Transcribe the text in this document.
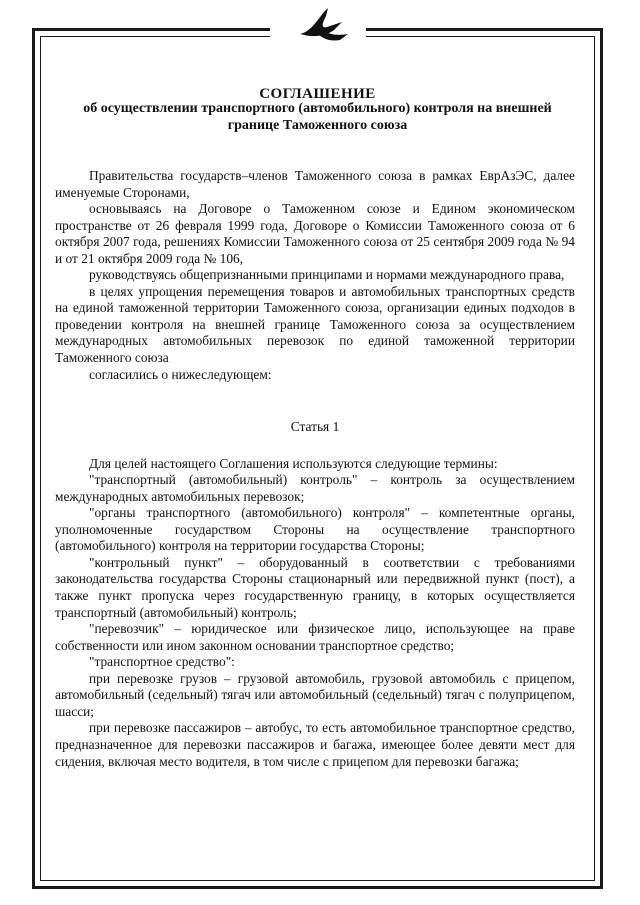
СОГЛАШЕНИЕ
об осуществлении транспортного (автомобильного) контроля на внешней
границе Таможенного союза

Правительства государств–членов Таможенного союза в рамках ЕврАзЭС, далее именуемые Сторонами,

основываясь на Договоре о Таможенном союзе и Едином экономическом пространстве от 26 февраля 1999 года, Договоре о Комиссии Таможенного союза от 6 октября 2007 года, решениях Комиссии Таможенного союза от 25 сентября 2009 года № 94 и от 21 октября 2009 года № 106,

руководствуясь общепризнанными принципами и нормами международного права,

в целях упрощения перемещения товаров и автомобильных транспортных средств на единой таможенной территории Таможенного союза, организации единых подходов в проведении контроля на внешней границе Таможенного союза за осуществлением международных автомобильных перевозок по единой таможенной территории Таможенного союза

согласились о нижеследующем:

Статья 1

Для целей настоящего Соглашения используются следующие термины:

"транспортный (автомобильный) контроль" – контроль за осуществлением международных автомобильных перевозок;

"органы транспортного (автомобильного) контроля" – компетентные органы, уполномоченные государством Стороны на осуществление транспортного (автомобильного) контроля на территории государства Стороны;

"контрольный пункт" – оборудованный в соответствии с требованиями законодательства государства Стороны стационарный или передвижной пункт (пост), а также пункт пропуска через государственную границу, в которых осуществляется транспортный (автомобильный) контроль;

"перевозчик" – юридическое или физическое лицо, использующее на праве собственности или ином законном основании транспортное средство;

"транспортное средство":

при перевозке грузов – грузовой автомобиль, грузовой автомобиль с прицепом, автомобильный (седельный) тягач или автомобильный (седельный) тягач с полуприцепом, шасси;

при перевозке пассажиров – автобус, то есть автомобильное транспортное средство, предназначенное для перевозки пассажиров и багажа, имеющее более девяти мест для сидения, включая место водителя, в том числе с прицепом для перевозки багажа;
